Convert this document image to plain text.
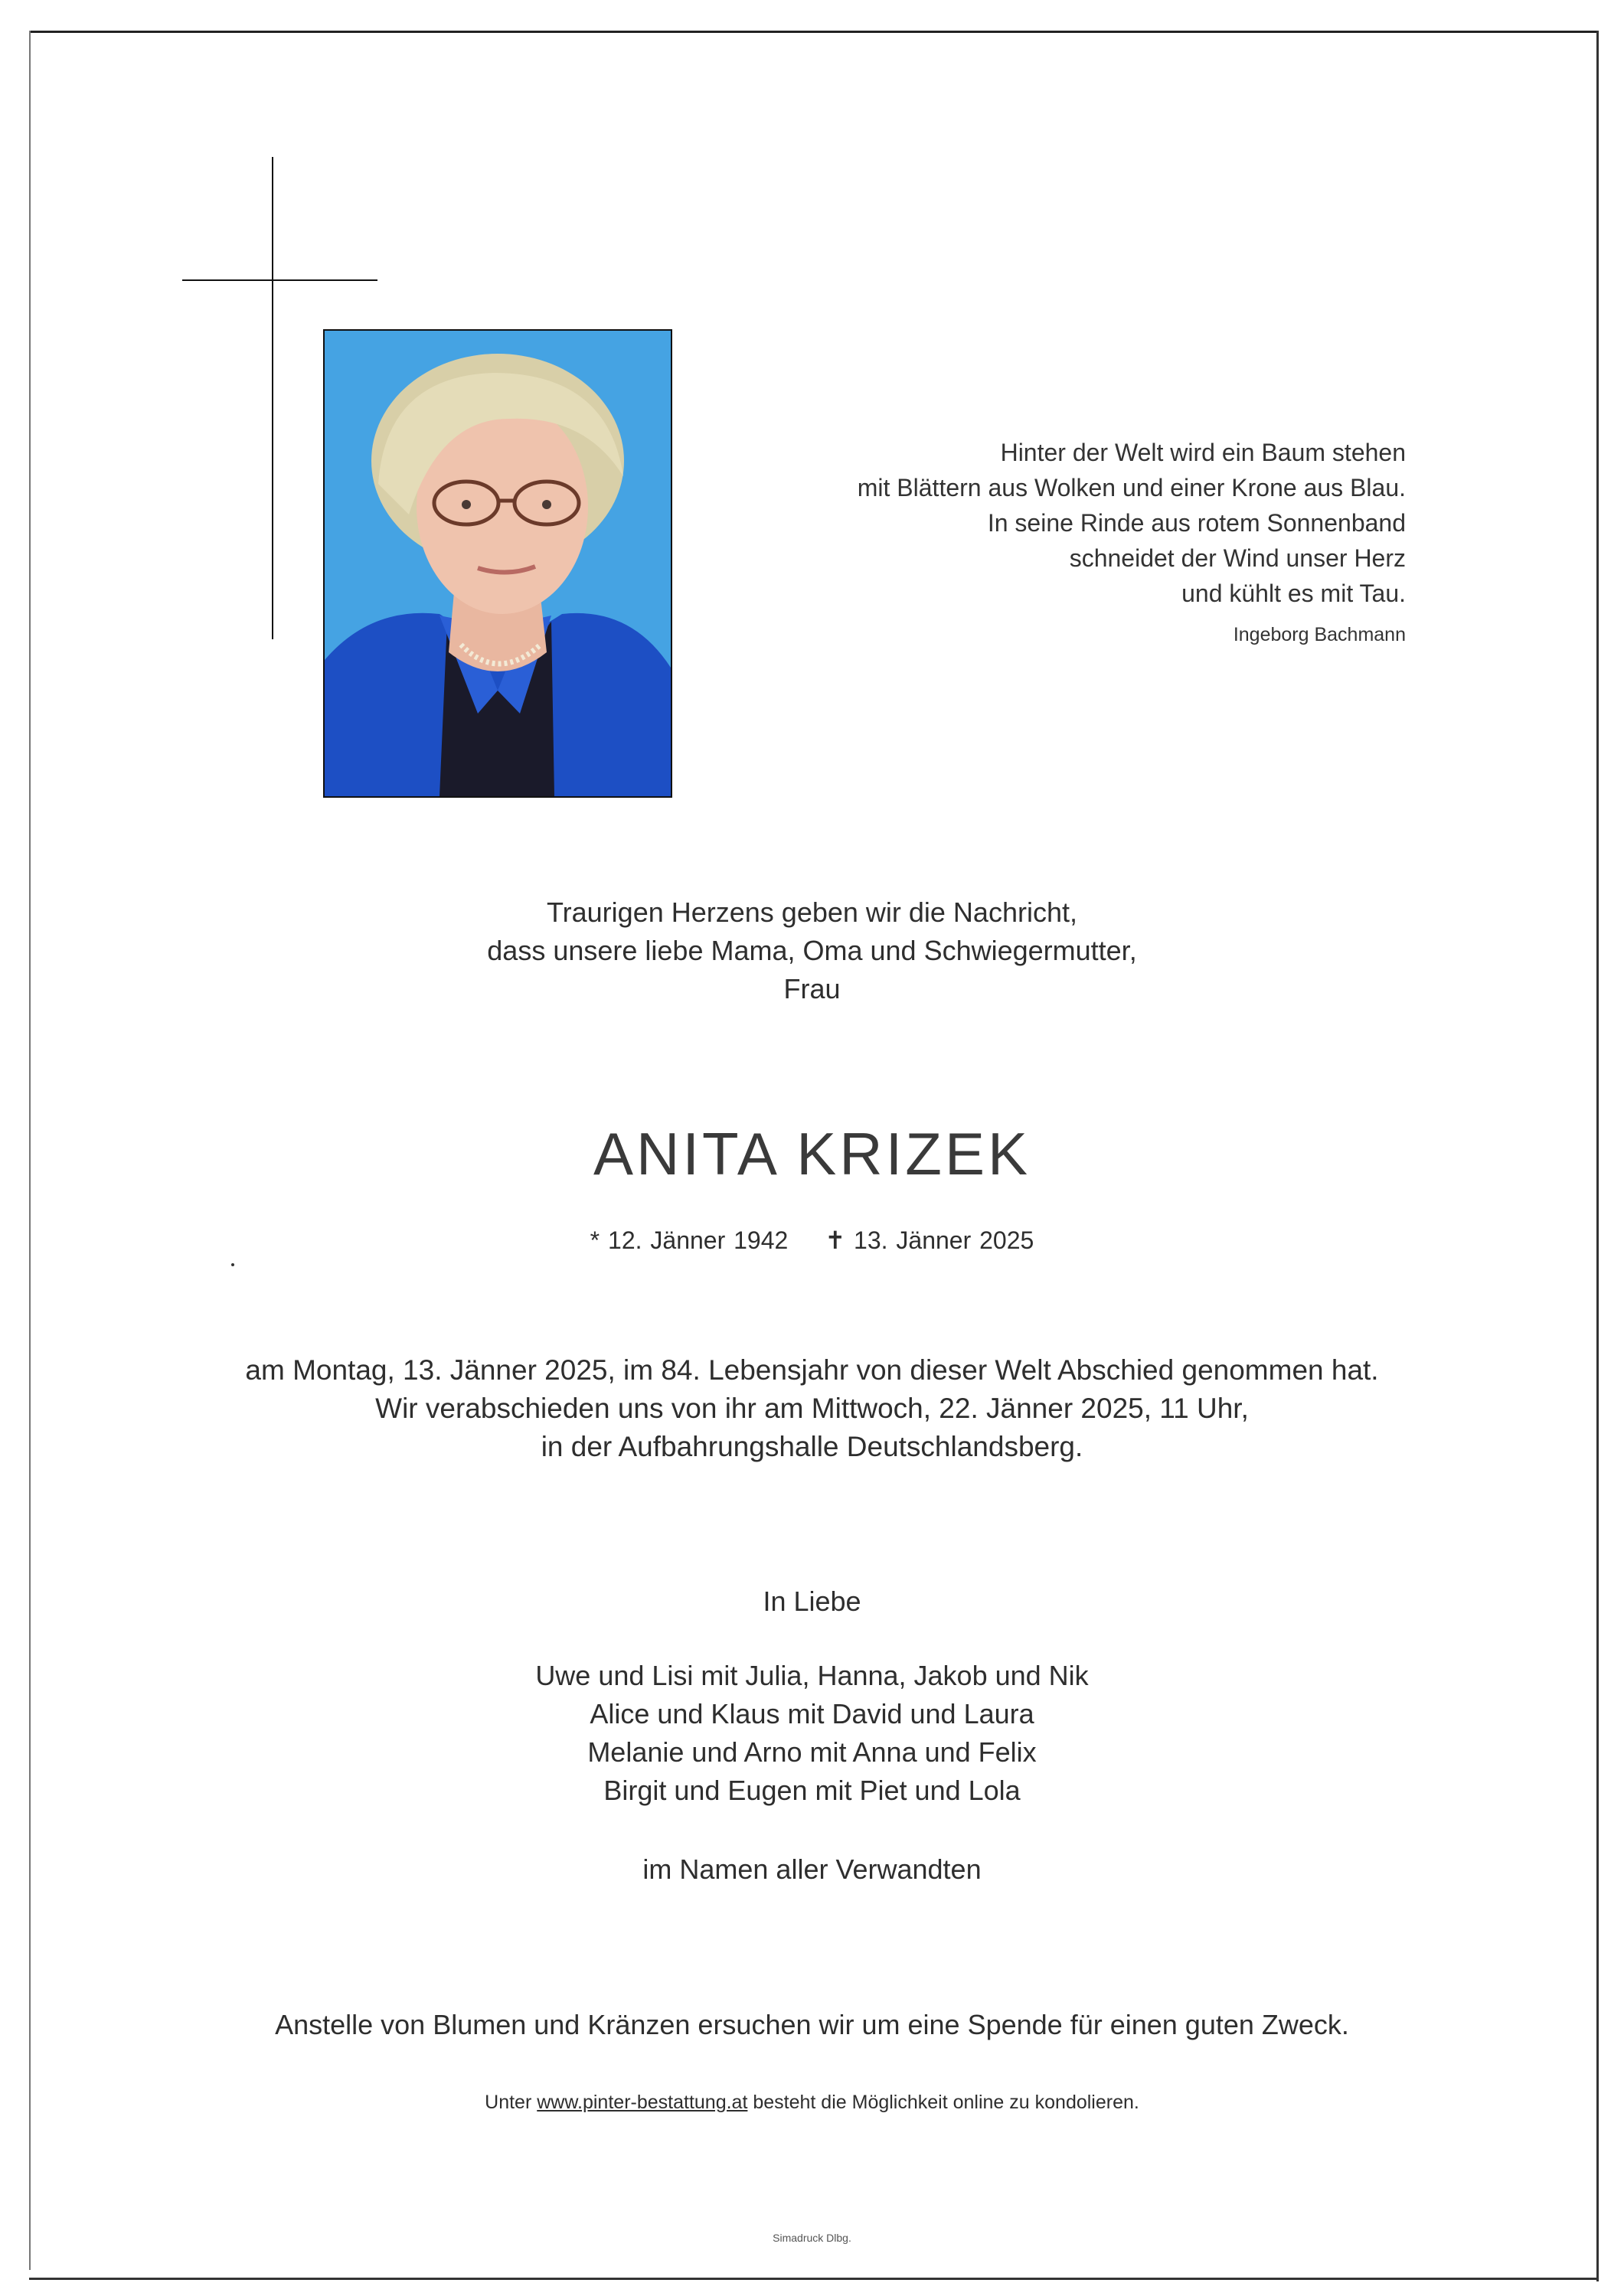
Hinter der Welt wird ein Baum stehen
mit Blättern aus Wolken und einer Krone aus Blau.
In seine Rinde aus rotem Sonnenband
schneidet der Wind unser Herz
und kühlt es mit Tau.
Ingeborg Bachmann
Traurigen Herzens geben wir die Nachricht,
dass unsere liebe Mama, Oma und Schwiegermutter,
Frau
ANITA KRIZEK
* 12. Jänner 1942 ✝ 13. Jänner 2025
am Montag, 13. Jänner 2025, im 84. Lebensjahr von dieser Welt Abschied genommen hat.
Wir verabschieden uns von ihr am Mittwoch, 22. Jänner 2025, 11 Uhr,
in der Aufbahrungshalle Deutschlandsberg.
In Liebe
Uwe und Lisi mit Julia, Hanna, Jakob und Nik
Alice und Klaus mit David und Laura
Melanie und Arno mit Anna und Felix
Birgit und Eugen mit Piet und Lola
im Namen aller Verwandten
Anstelle von Blumen und Kränzen ersuchen wir um eine Spende für einen guten Zweck.
Unter www.pinter-bestattung.at besteht die Möglichkeit online zu kondolieren.
Simadruck Dlbg.
